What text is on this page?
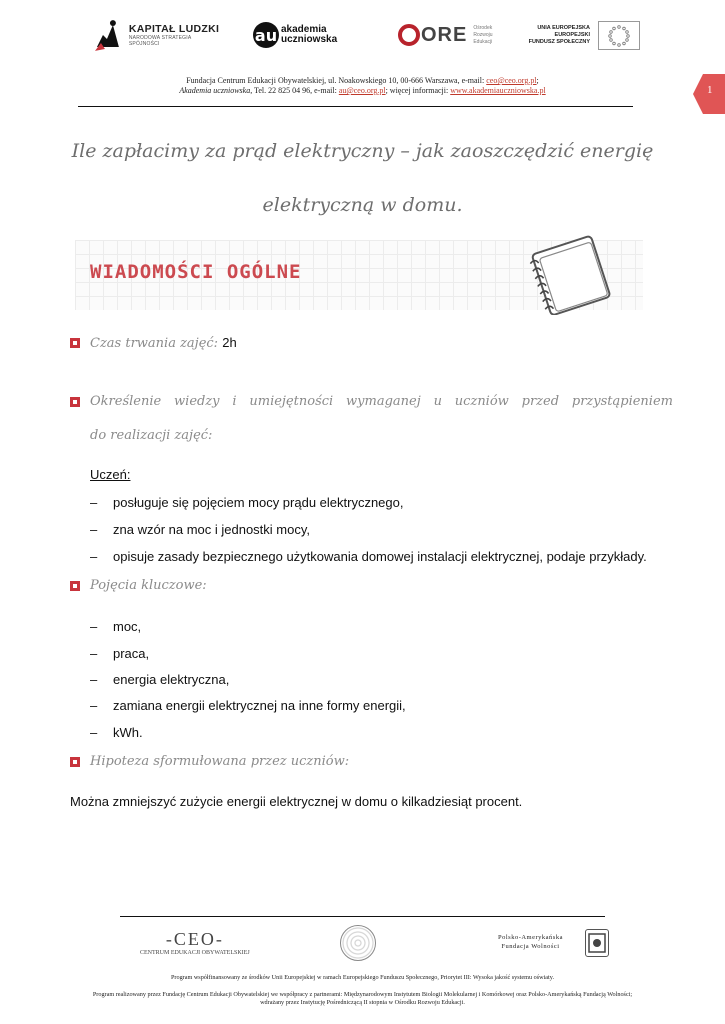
KAPITAŁ LUDZKI
NARODOWA STRATEGIA SPÓJNOŚCI	au akademia
uczniowska	ORE Ośrodek
Rozwoju
Edukacji
UNIA EUROPEJSKA
EUROPEJSKI
FUNDUSZ SPOŁECZNY
Fundacja Centrum Edukacji Obywatelskiej, ul. Noakowskiego 10, 00-666 Warszawa, e-mail: ceo@ceo.org.pl;
Akademia uczniowska, Tel. 22 825 04 96, e-mail: au@ceo.org.pl; więcej informacji: www.akademiauczniowska.pl	1
Ile zapłacimy za prąd elektryczny – jak zaoszczędzić energię
elektryczną w domu.
WIADOMOŚCI OGÓLNE
Czas trwania zajęć: 2h
Określenie wiedzy i umiejętności wymaganej u uczniów przed przystąpieniem
do realizacji zajęć:
Uczeń:
– posługuje się pojęciem mocy prądu elektrycznego,
– zna wzór na moc i jednostki mocy,
– opisuje zasady bezpiecznego użytkowania domowej instalacji elektrycznej, podaje przykłady.
Pojęcia kluczowe:
– moc,
– praca,
– energia elektryczna,
– zamiana energii elektrycznej na inne formy energii,
– kWh.
Hipoteza sformułowana przez uczniów:
Można zmniejszyć zużycie energii elektrycznej w domu o kilkadziesiąt procent.
-CEO-
CENTRUM EDUKACJI OBYWATELSKIEJ
Polsko-Amerykańska
Fundacja Wolności
Program współfinansowany ze środków Unii Europejskiej w ramach Europejskiego Funduszu Społecznego, Priorytet III: Wysoka jakość systemu oświaty.
Program realizowany przez Fundację Centrum Edukacji Obywatelskiej we współpracy z partnerami: Międzynarodowym Instytutem Biologii Molekularnej i Komórkowej oraz Polsko-Amerykańską Fundacją Wolności;
wdrażany przez Instytucję Pośredniczącą II stopnia w Ośrodku Rozwoju Edukacji.
